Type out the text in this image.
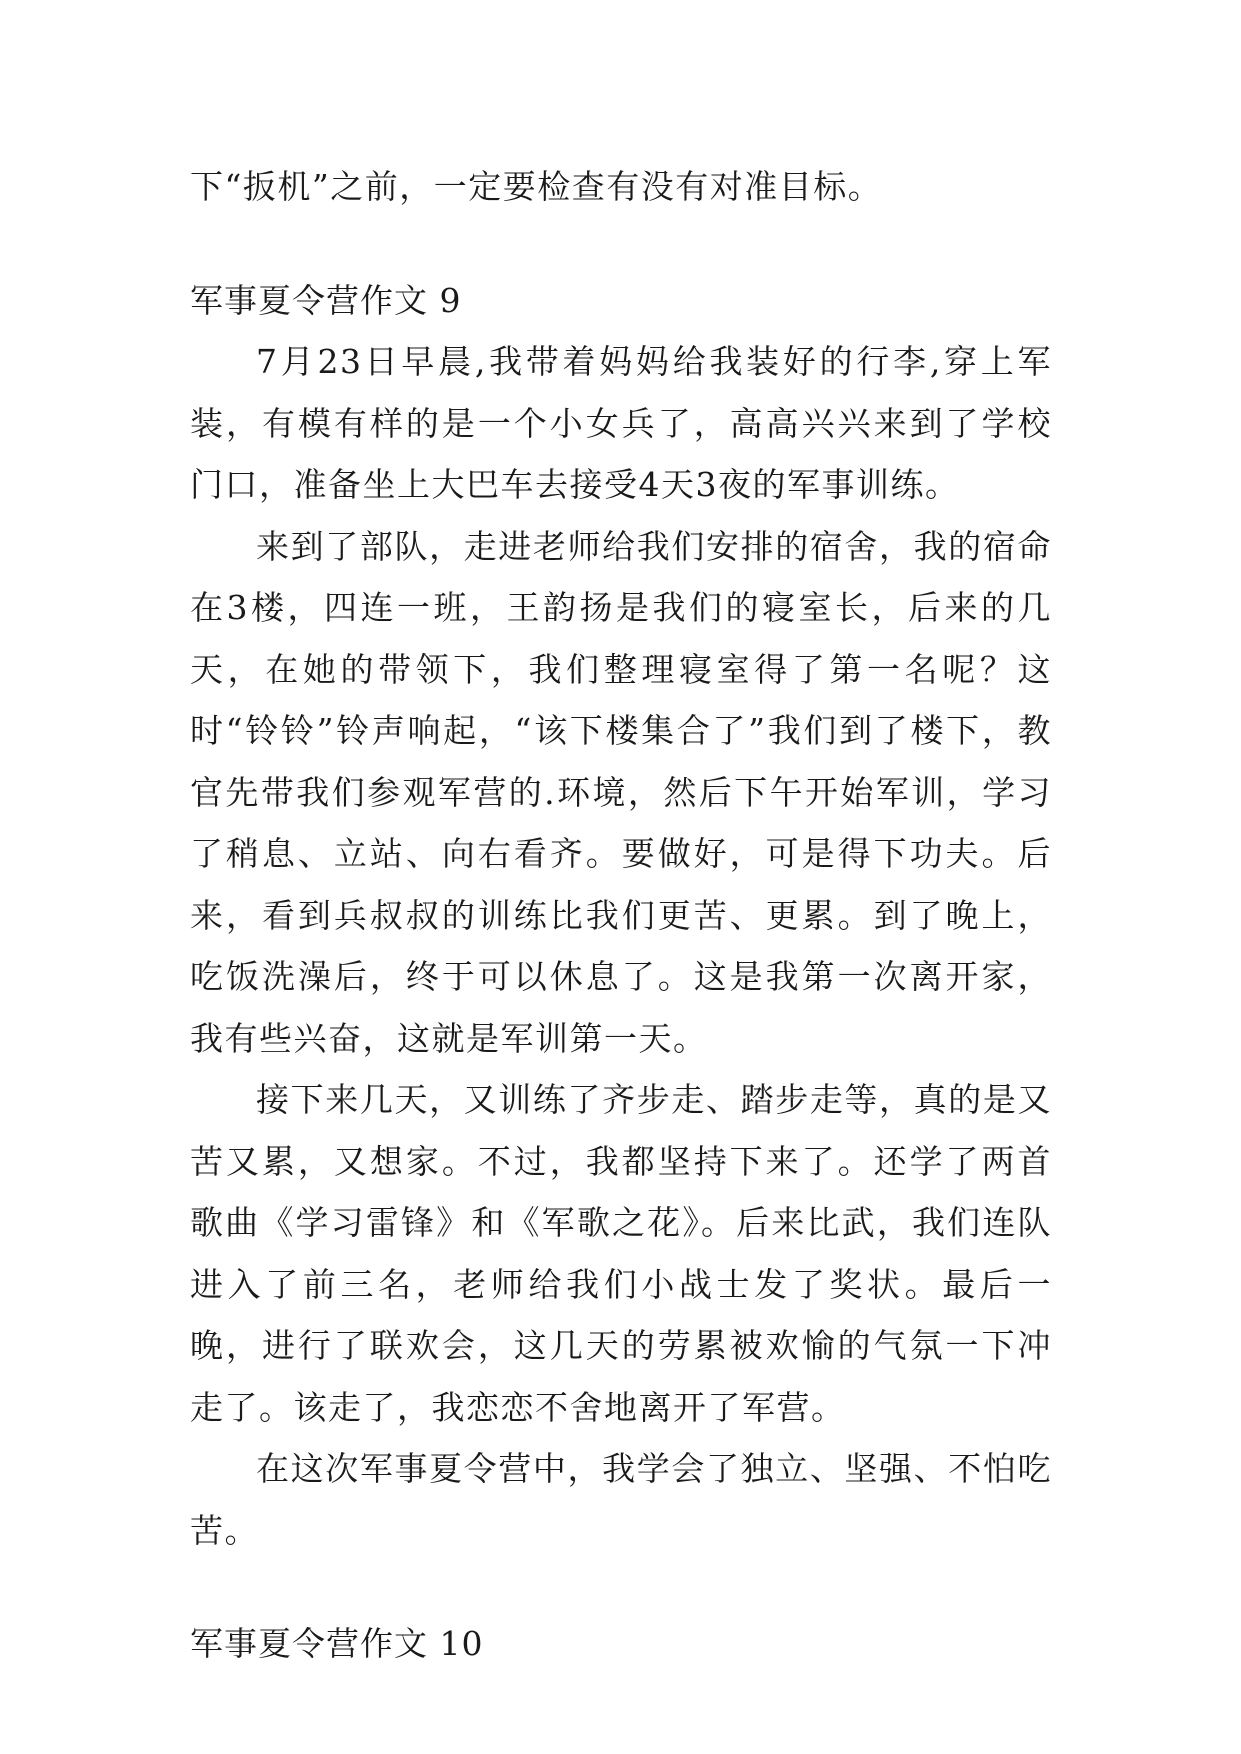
下“扳机”之前，一定要检查有没有对准目标。
军事夏令营作文 9

7月23日早晨,我带着妈妈给我装好的行李,穿上军装，有模有样的是一个小女兵了，高高兴兴来到了学校门口，准备坐上大巴车去接受4天3夜的军事训练。

来到了部队，走进老师给我们安排的宿舍，我的宿命在3楼，四连一班，王韵扬是我们的寝室长，后来的几天，在她的带领下，我们整理寝室得了第一名呢？这时“铃铃”铃声响起，“该下楼集合了”我们到了楼下，教官先带我们参观军营的.环境，然后下午开始军训，学习了稍息、立站、向右看齐。要做好，可是得下功夫。后来，看到兵叔叔的训练比我们更苦、更累。到了晚上，吃饭洗澡后，终于可以休息了。这是我第一次离开家，我有些兴奋，这就是军训第一天。

接下来几天，又训练了齐步走、踏步走等，真的是又苦又累，又想家。不过，我都坚持下来了。还学了两首歌曲《学习雷锋》和《军歌之花》。后来比武，我们连队进入了前三名，老师给我们小战士发了奖状。最后一晚，进行了联欢会，这几天的劳累被欢愉的气氛一下冲走了。该走了，我恋恋不舍地离开了军营。

在这次军事夏令营中，我学会了独立、坚强、不怕吃苦。

军事夏令营作文 10
